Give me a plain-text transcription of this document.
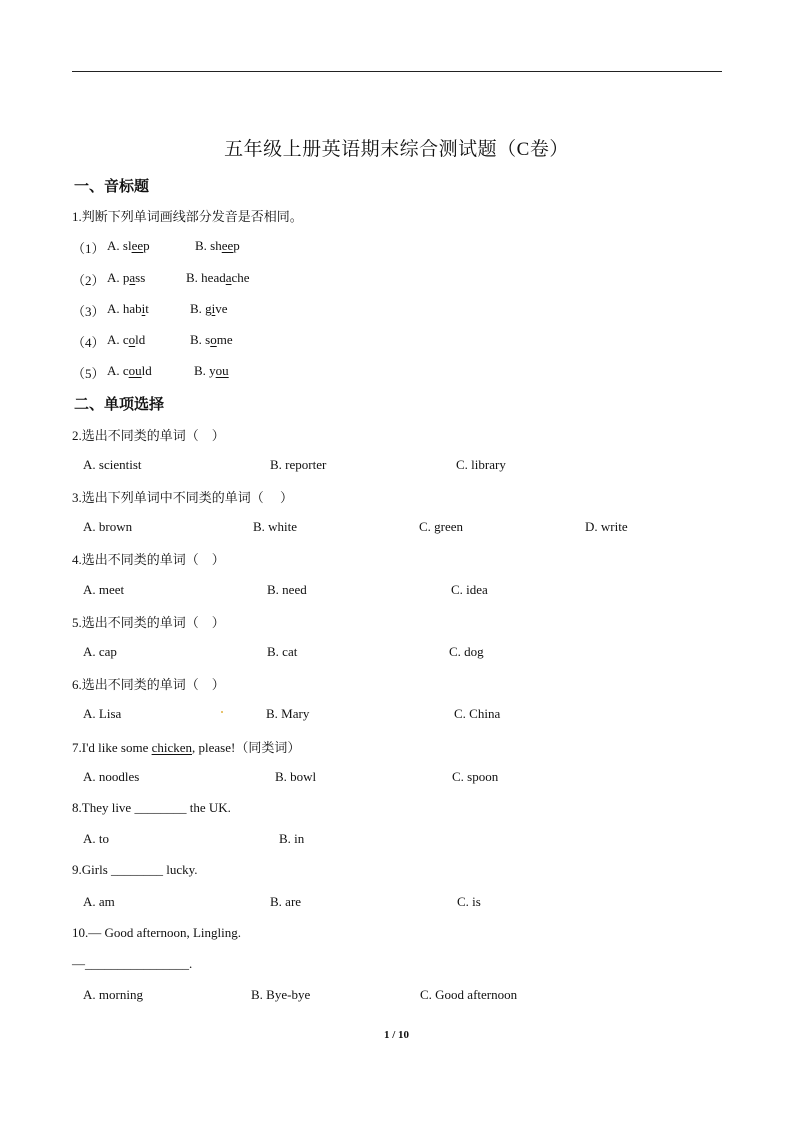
五年级上册英语期末综合测试题（C卷）
一、音标题
1.判断下列单词画线部分发音是否相同。
（1） A. sleep	B. sheep
（2） A. pass	B. headache
（3） A. habit	B. give
（4） A. cold	B. some
（5） A. could	B. you
二、单项选择
2.选出不同类的单词（　）
A. scientist	B. reporter	C. library
3.选出下列单词中不同类的单词（　 ）
A. brown	B. white	C. green	D. write
4.选出不同类的单词（　）
A. meet	B. need	C. idea
5.选出不同类的单词（　）
A. cap	B. cat	C. dog
6.选出不同类的单词（　）
A. Lisa	B. Mary	C. China
7.I'd like some chicken, please!（同类词）
A. noodles	B. bowl	C. spoon
8.They live ________ the UK.
A. to	B. in
9.Girls ________ lucky.
A. am	B. are	C. is
10.— Good afternoon, Lingling.
—________________.
A. morning	B. Bye-bye	C. Good afternoon
1 / 10
